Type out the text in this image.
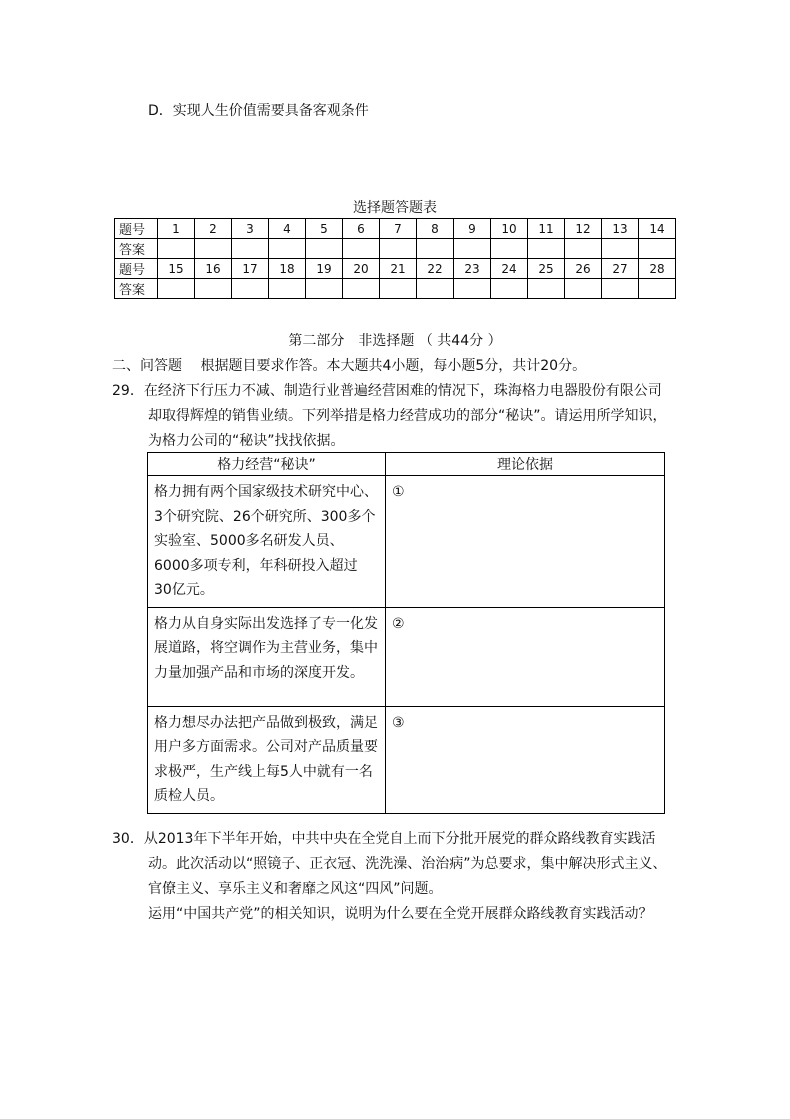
D．实现人生价值需要具备客观条件
选择题答题表
题号	1	2	3	4	5	6	7	8	9	10	11	12	13	14
答案														
题号	15	16	17	18	19	20	21	22	23	24	25	26	27	28
答案														
第二部分　非选择题 （ 共44分 ）
二、问答题　 根据题目要求作答。本大题共4小题，每小题5分，共计20分。
29．在经济下行压力不减、制造行业普遍经营困难的情况下，珠海格力电器股份有限公司
却取得辉煌的销售业绩。下列举措是格力经营成功的部分“秘诀”。请运用所学知识，
为格力公司的“秘诀”找找依据。
格力经营“秘诀”	理论依据

格力拥有两个国家级技术研究中心、3个研究院、26个研究所、300多个实验室、5000多名研发人员、6000多项专利，年科研投入超过 30亿元。	①

格力从自身实际出发选择了专一化发展道路，将空调作为主营业务，集中力量加强产品和市场的深度开发。	②

格力想尽办法把产品做到极致，满足用户多方面需求。公司对产品质量要求极严，生产线上每5人中就有一名质检人员。	③
30．从2013年下半年开始，中共中央在全党自上而下分批开展党的群众路线教育实践活
动。此次活动以“照镜子、正衣冠、洗洗澡、治治病”为总要求，集中解决形式主义、
官僚主义、享乐主义和奢靡之风这“四风”问题。
运用“中国共产党”的相关知识，说明为什么要在全党开展群众路线教育实践活动？
